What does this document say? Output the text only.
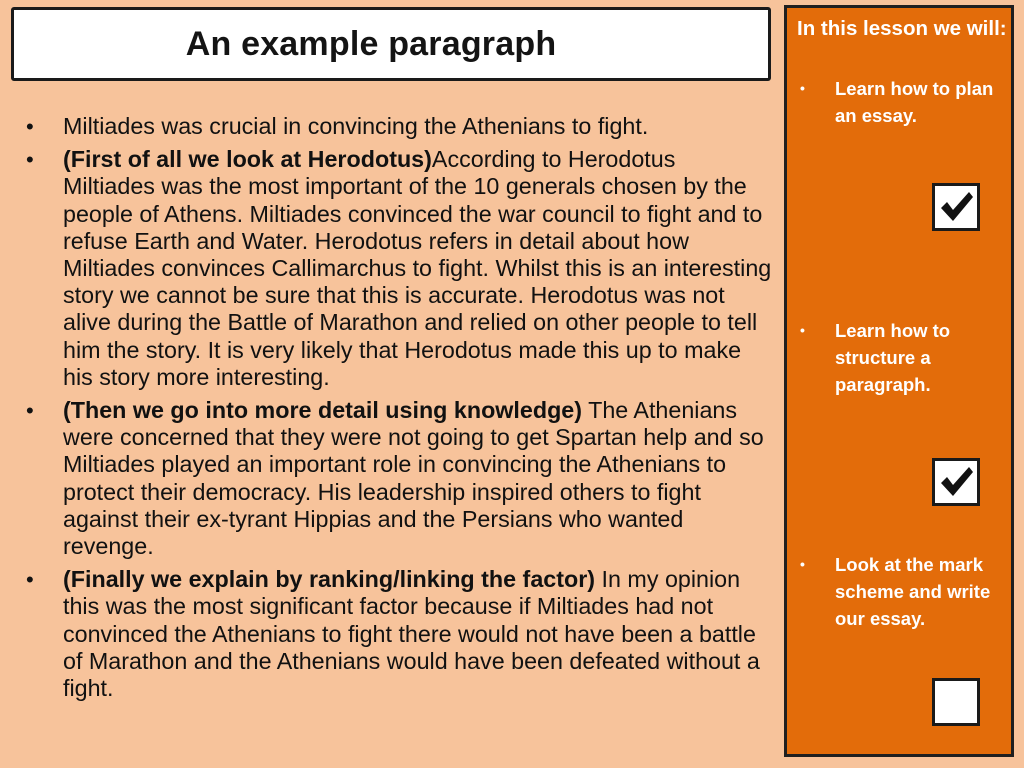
An example paragraph
• Miltiades was crucial in convincing the Athenians to fight.
• (First of all we look at Herodotus)According to Herodotus Miltiades was the most important of the 10 generals chosen by the people of Athens. Miltiades convinced the war council to fight and to refuse Earth and Water. Herodotus refers in detail about how Miltiades convinces Callimarchus to fight. Whilst this is an interesting story we cannot be sure that this is accurate. Herodotus was not alive during the Battle of Marathon and relied on other people to tell him the story. It is very likely that Herodotus made this up to make his story more interesting.
• (Then we go into more detail using knowledge) The Athenians were concerned that they were not going to get Spartan help and so Miltiades played an important role in convincing the Athenians to protect their democracy. His leadership inspired others to fight against their ex-tyrant Hippias and the Persians who wanted revenge.
• (Finally we explain by ranking/linking the factor) In my opinion this was the most significant factor because if Miltiades had not convinced the Athenians to fight there would not have been a battle of Marathon and the Athenians would have been defeated without a fight.
In this lesson we will:
•	Learn how to plan an essay.
•	Learn how to structure a paragraph.
•	Look at the mark scheme and write our essay.
